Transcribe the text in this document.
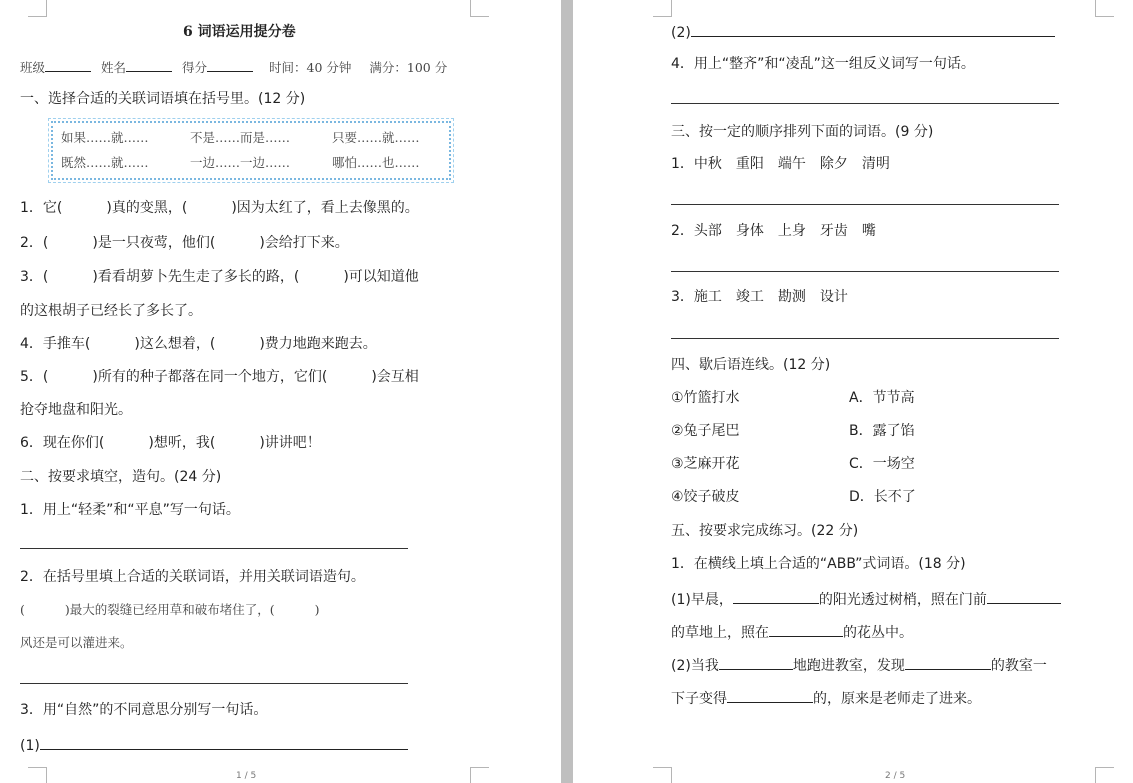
6 词语运用提分卷
班级	姓名	得分	时间：40 分钟 满分：100 分
一、选择合适的关联词语填在括号里。(12 分)
如果……就……	不是……而是……	只要……就……
既然……就……	一边……一边……	哪怕……也……
1．它(	)真的变黑，(	)因为太红了，看上去像黑的。
2．(	)是一只夜莺，他们(	)会给打下来。
3．(	)看看胡萝卜先生走了多长的路，(	)可以知道他
的这根胡子已经长了多长了。
4．手推车(	)这么想着，(	)费力地跑来跑去。
5．(	)所有的种子都落在同一个地方，它们(	)会互相
抢夺地盘和阳光。
6．现在你们(	)想听，我(	)讲讲吧！
二、按要求填空，造句。(24 分)
1．用上“轻柔”和“平息”写一句话。
2．在括号里填上合适的关联词语，并用关联词语造句。
(	)最大的裂缝已经用草和破布堵住了，(	)
风还是可以灌进来。
3．用“自然”的不同意思分别写一句话。
(1)
1 / 5
(2)
4．用上“整齐”和“凌乱”这一组反义词写一句话。
三、按一定的顺序排列下面的词语。(9 分)
1．中秋　重阳　端午　除夕　清明
2．头部　身体　上身　牙齿　嘴
3．施工　竣工　勘测　设计
四、歇后语连线。(12 分)
①竹篮打水	A．节节高
②兔子尾巴	B．露了馅
③芝麻开花	C．一场空
④饺子破皮	D．长不了
五、按要求完成练习。(22 分)
1．在横线上填上合适的“ABB”式词语。(18 分)
(1)早晨，	的阳光透过树梢，照在门前
的草地上，照在	的花丛中。
(2)当我	地跑进教室，发现	的教室一
下子变得	的，原来是老师走了进来。
2 / 5
